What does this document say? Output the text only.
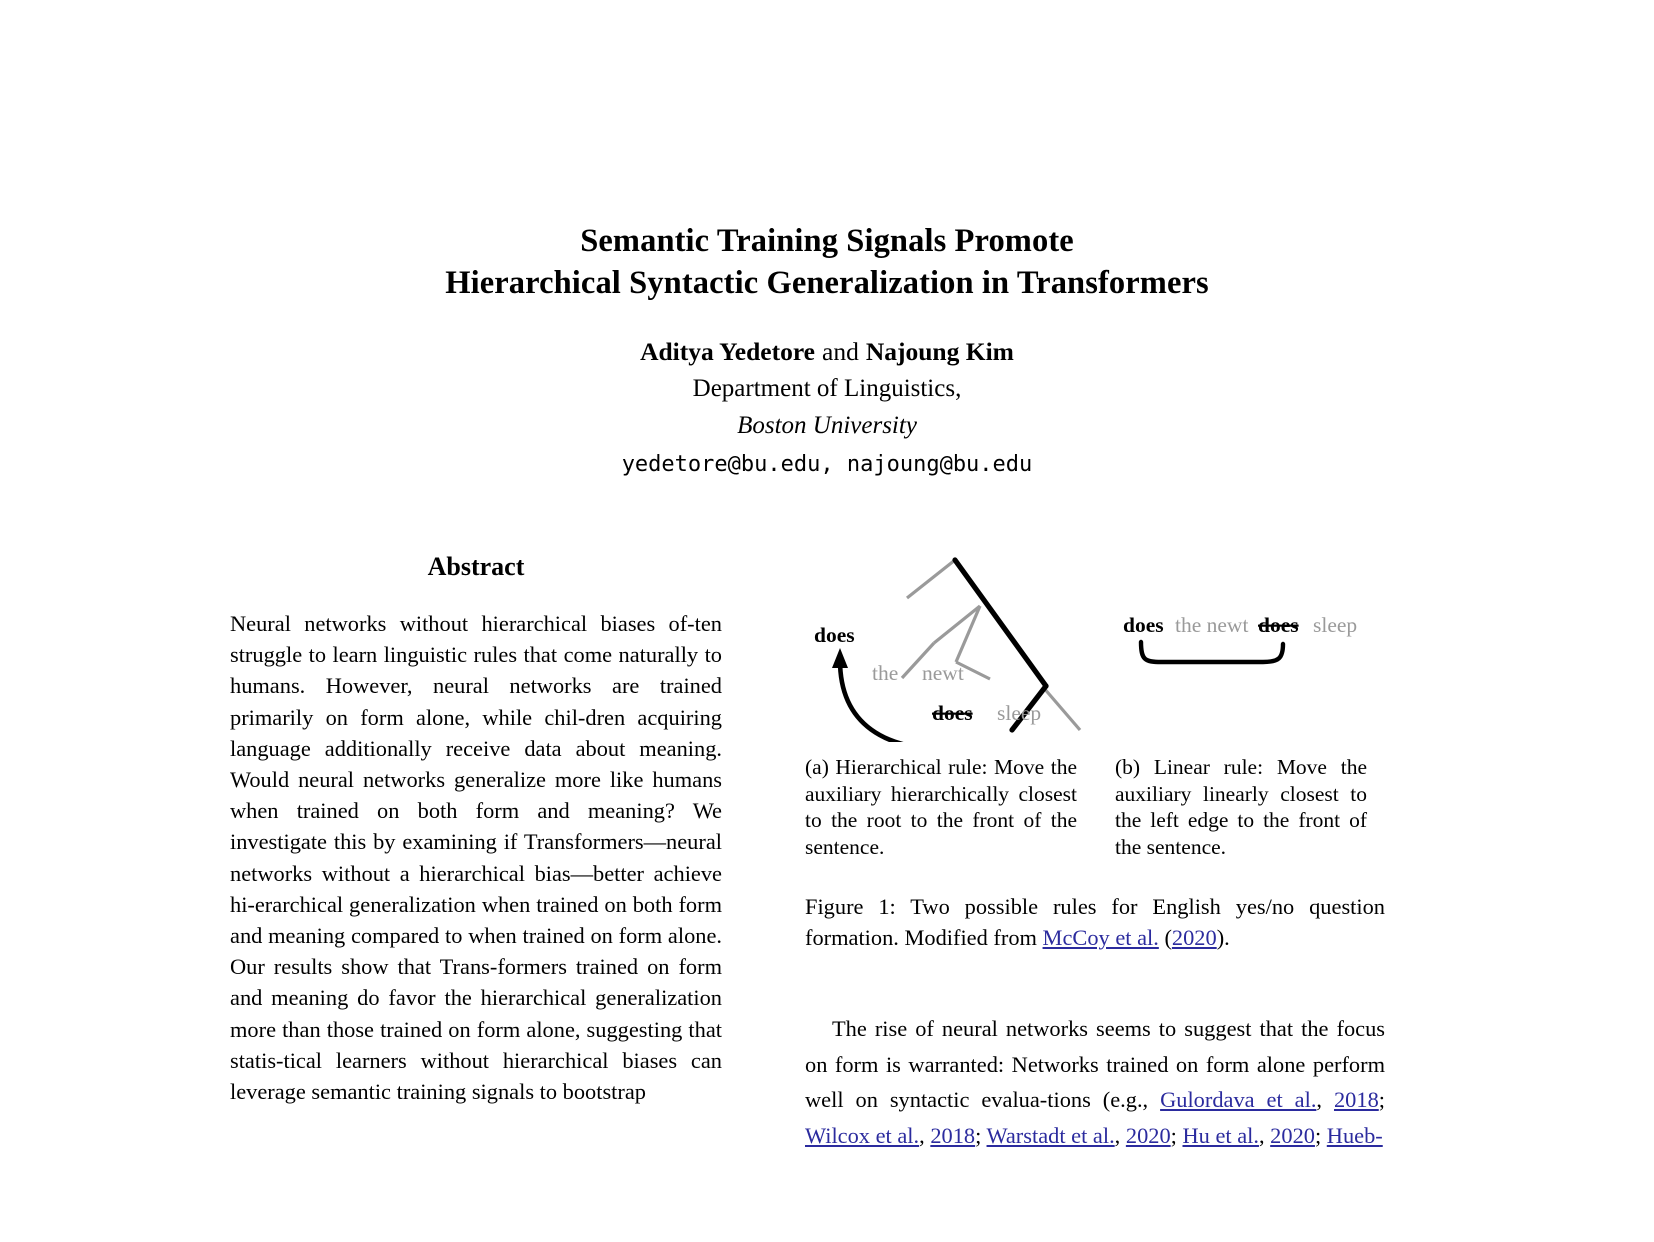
Semantic Training Signals Promote
Hierarchical Syntactic Generalization in Transformers
Aditya Yedetore and Najoung Kim
Department of Linguistics,
Boston University
yedetore@bu.edu, najoung@bu.edu
Abstract

Neural networks without hierarchical biases of-ten struggle to learn linguistic rules that come naturally to humans. However, neural networks are trained primarily on form alone, while chil-dren acquiring language additionally receive data about meaning. Would neural networks generalize more like humans when trained on both form and meaning? We investigate this by examining if Transformers—neural networks without a hierarchical bias—better achieve hi-erarchical generalization when trained on both form and meaning compared to when trained on form alone. Our results show that Trans-formers trained on form and meaning do favor the hierarchical generalization more than those trained on form alone, suggesting that statis-tical learners without hierarchical biases can leverage semantic training signals to bootstrap

does
the newt
does sleep
does the newt does sleep
(a) Hierarchical rule: Move the auxiliary hierarchically closest to the root to the front of the sentence.
(b) Linear rule: Move the auxiliary linearly closest to the left edge to the front of the sentence.
Figure 1: Two possible rules for English yes/no question formation. Modified from McCoy et al. (2020).
The rise of neural networks seems to suggest that the focus on form is warranted: Networks trained on form alone perform well on syntactic evalua-tions (e.g., Gulordava et al., 2018; Wilcox et al., 2018; Warstadt et al., 2020; Hu et al., 2020; Hueb-
